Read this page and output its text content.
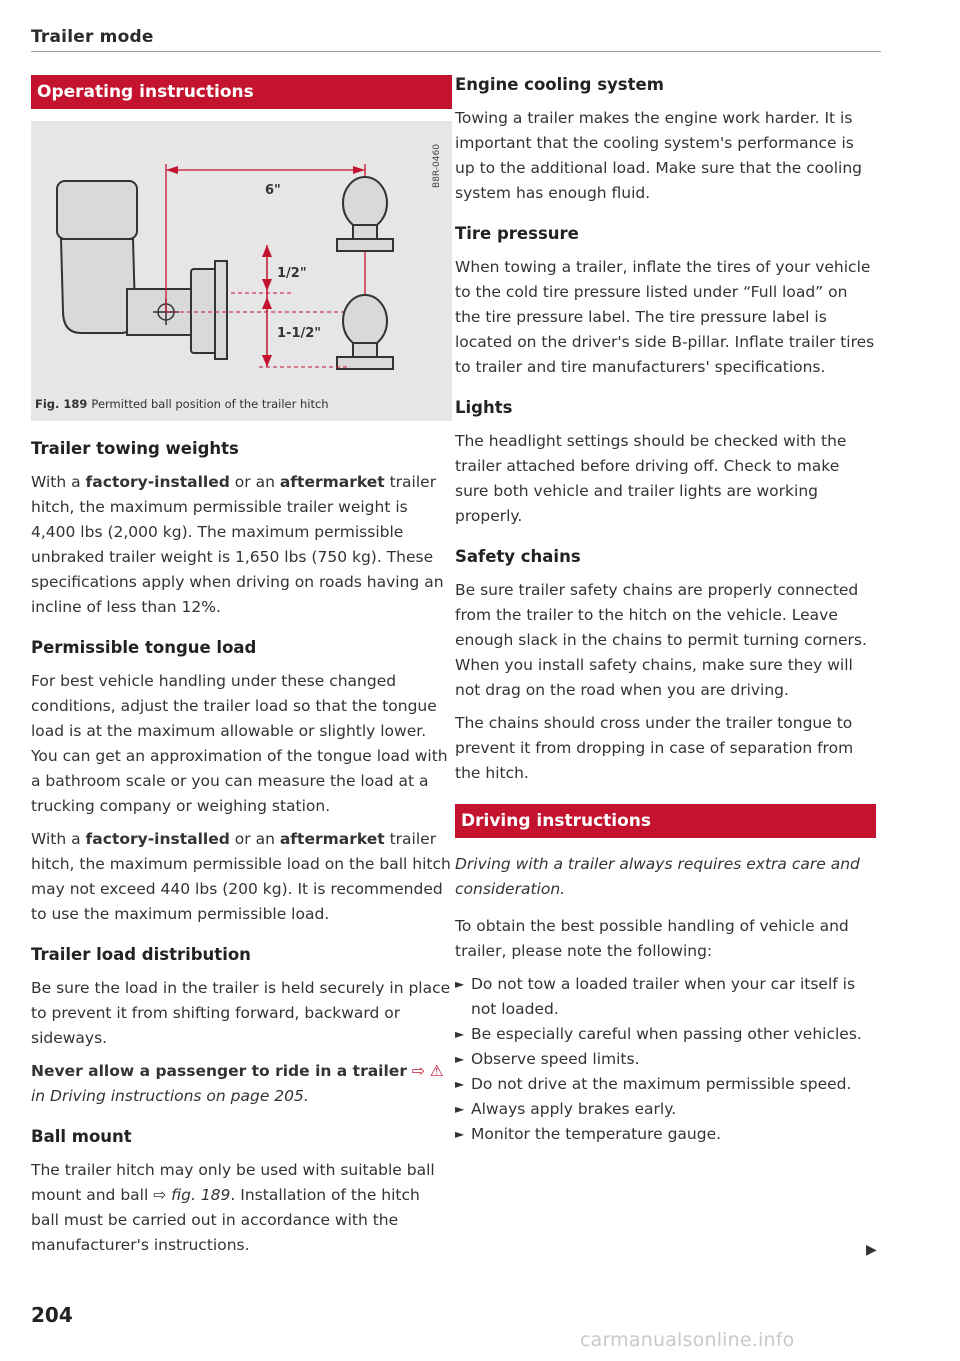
Trailer mode
Operating instructions
6"
1/2"
1-1/2"
B8R-0460
Fig. 189 Permitted ball position of the trailer hitch
Trailer towing weights

With a factory-installed or an aftermarket trailer hitch, the maximum permissible trailer weight is 4,400 lbs (2,000 kg). The maximum permissible unbraked trailer weight is 1,650 lbs (750 kg). These specifications apply when driving on roads having an incline of less than 12%.

Permissible tongue load

For best vehicle handling under these changed conditions, adjust the trailer load so that the tongue load is at the maximum allowable or slightly lower. You can get an approximation of the tongue load with a bathroom scale or you can measure the load at a trucking company or weighing station.

With a factory-installed or an aftermarket trailer hitch, the maximum permissible load on the ball hitch may not exceed 440 lbs (200 kg). It is recommended to use the maximum permissible load.

Trailer load distribution

Be sure the load in the trailer is held securely in place to prevent it from shifting forward, backward or sideways.

Never allow a passenger to ride in a trailer ⇨ ⚠
in Driving instructions on page 205.

Ball mount

The trailer hitch may only be used with suitable ball mount and ball ⇨ fig. 189. Installation of the hitch ball must be carried out in accordance with the manufacturer's instructions.

Engine cooling system

Towing a trailer makes the engine work harder. It is important that the cooling system's performance is up to the additional load. Make sure that the cooling system has enough fluid.

Tire pressure

When towing a trailer, inflate the tires of your vehicle to the cold tire pressure listed under “Full load” on the tire pressure label. The tire pressure label is located on the driver's side B-pillar. Inflate trailer tires to trailer and tire manufacturers' specifications.

Lights

The headlight settings should be checked with the trailer attached before driving off. Check to make sure both vehicle and trailer lights are working properly.

Safety chains

Be sure trailer safety chains are properly connected from the trailer to the hitch on the vehicle. Leave enough slack in the chains to permit turning corners. When you install safety chains, make sure they will not drag on the road when you are driving.

The chains should cross under the trailer tongue to prevent it from dropping in case of separation from the hitch.

Driving instructions

Driving with a trailer always requires extra care and consideration.

To obtain the best possible handling of vehicle and trailer, please note the following:

► Do not tow a loaded trailer when your car itself is not loaded.
► Be especially careful when passing other vehicles.
► Observe speed limits.
► Do not drive at the maximum permissible speed.
► Always apply brakes early.
► Monitor the temperature gauge.
▶
204
carmanualsonline.info
